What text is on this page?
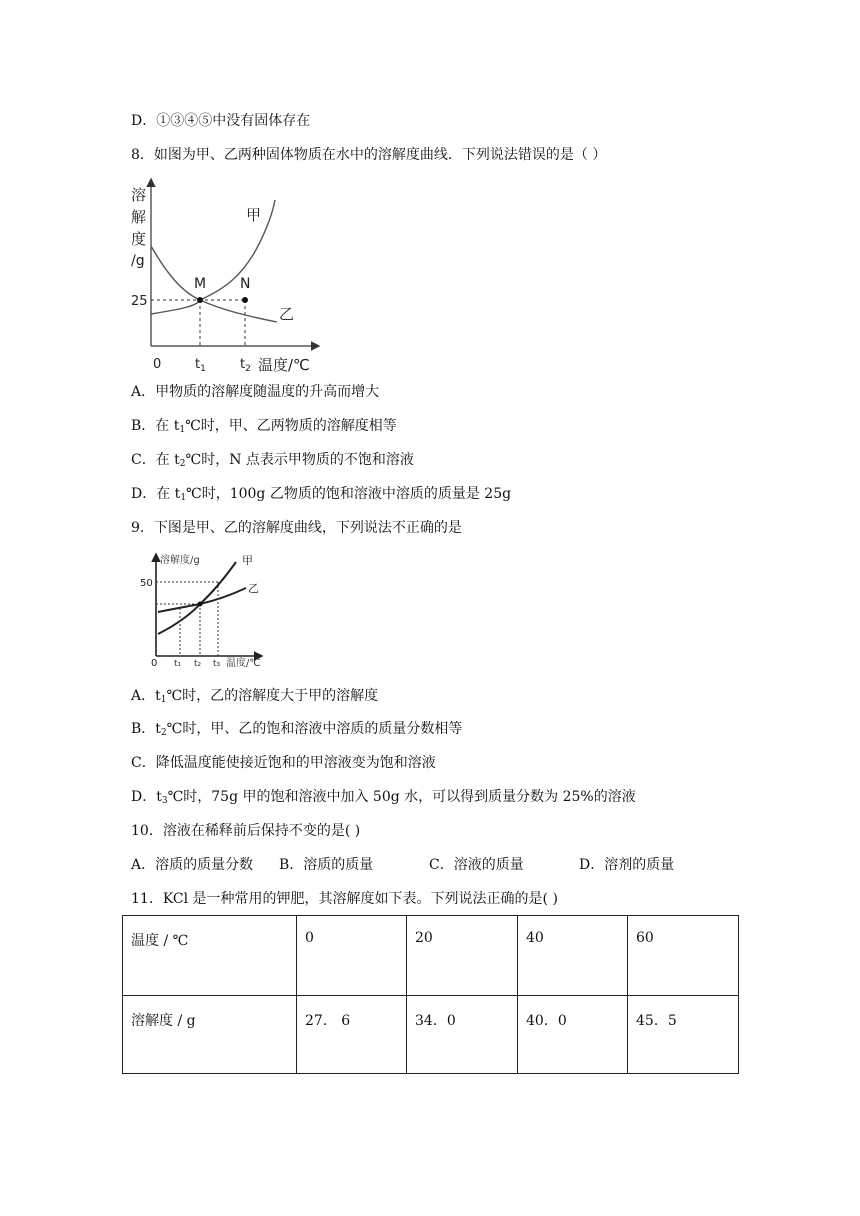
D．①③④⑤中没有固体存在
8．如图为甲、乙两种固体物质在水中的溶解度曲线．下列说法错误的是（ ）
溶
解
度
/g
25
0	$t_1$	$t_2$ 温度/℃
M N
甲
乙
A．甲物质的溶解度随温度的升高而增大
B．在 $t_1℃$时，甲、乙两物质的溶解度相等
C．在 $t_2℃$时，N 点表示甲物质的不饱和溶液
D．在 $t_1℃$时，100g 乙物质的饱和溶液中溶质的质量是 25g
9．下图是甲、乙的溶解度曲线，下列说法不正确的是
溶解度/g
50
0 t₁ t₂ t₃ 温度/℃
甲
乙
A．$t_1℃$时，乙的溶解度大于甲的溶解度
B．$t_2℃$时，甲、乙的饱和溶液中溶质的质量分数相等
C．降低温度能使接近饱和的甲溶液变为饱和溶液
D．$t_3℃$时，75g 甲的饱和溶液中加入 50g 水，可以得到质量分数为 25%的溶液
10．溶液在稀释前后保持不变的是( )
A．溶质的质量分数 B．溶质的质量	C．溶液的质量	D．溶剂的质量
11．KCl 是一种常用的钾肥，其溶解度如下表。下列说法正确的是( )
温度 / ℃	0	20	40	60
溶解度 / g	27． 6	34．0	40．0	45．5
